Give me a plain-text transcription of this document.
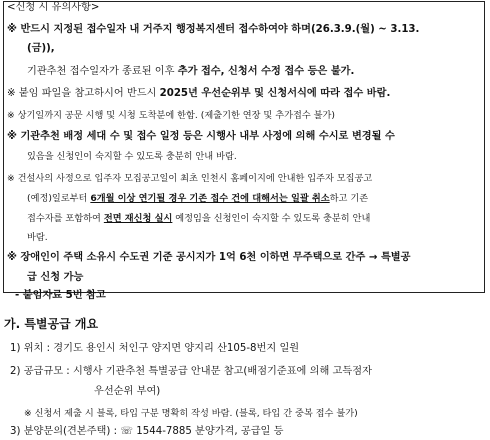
<신청 시 유의사항>
※ 반드시 지정된 접수일자 내 거주지 행정복지센터 접수하여야 하며(26.3.9.(월) ~ 3.13.
(금)),
기관추천 접수일자가 종료된 이후 추가 접수, 신청서 수정 접수 등은 불가.
※ 붙임 파일을 참고하시어 반드시 2025년 우선순위부 및 신청서식에 따라 접수 바람.
※ 상기일까지 공문 시행 및 시청 도착분에 한함. (제출기한 연장 및 추가접수 불가)
※ 기관추천 배정 세대 수 및 접수 일정 등은 시행사 내부 사정에 의해 수시로 변경될 수
있음을 신청인이 숙지할 수 있도록 충분히 안내 바람.
※ 건설사의 사정으로 입주자 모집공고일이 최초 인천시 홈페이지에 안내한 입주자 모집공고
(예정)일로부터 6개월 이상 연기될 경우 기존 접수 건에 대해서는 일괄 취소하고 기존
접수자를 포함하여 전면 재신청 실시 예정임을 신청인이 숙지할 수 있도록 충분히 안내
바람.
※ 장애인이 주택 소유시 수도권 기준 공시지가 1억 6천 이하면 무주택으로 간주 → 특별공
급 신청 가능
- 붙임자료 5번 참고
가. 특별공급 개요
1) 위치 : 경기도 용인시 처인구 양지면 양지리 산105-8번지 일원
2) 공급규모 : 시행사 기관추천 특별공급 안내문 참고(배점기준표에 의해 고득점자
우선순위 부여)
※ 신청서 제출 시 블록, 타입 구분 명확히 작성 바람. (블록, 타입 간 중복 접수 불가)
3) 분양문의(견본주택) : ☏ 1544-7885 분양가격, 공급일 등
